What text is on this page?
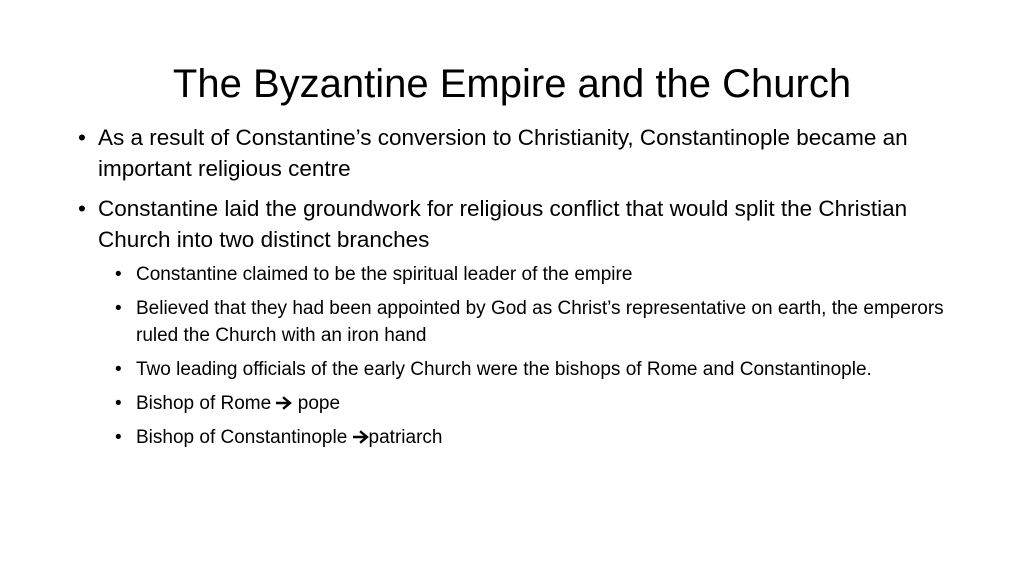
The Byzantine Empire and the Church
• As a result of Constantine’s conversion to Christianity, Constantinople became an important religious centre
• Constantine laid the groundwork for religious conflict that would split the Christian Church into two distinct branches
• Constantine claimed to be the spiritual leader of the empire
• Believed that they had been appointed by God as Christ’s representative on earth, the emperors ruled the Church with an iron hand
• Two leading officials of the early Church were the bishops of Rome and Constantinople.
• Bishop of Rome  pope
• Bishop of Constantinople patriarch
